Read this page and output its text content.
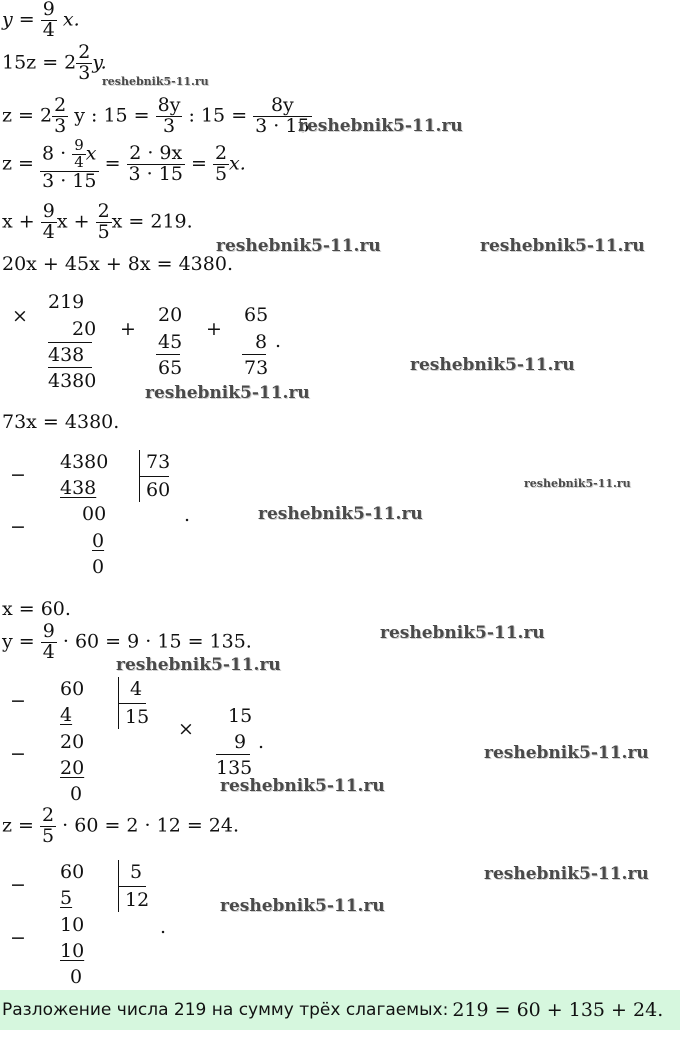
$y = \frac{9}{4} x$.
$15z = 2 \frac{2}{3} y$.
reshebnik5-11.ru
$z = 2 \frac{2}{3}$ y : $15 = \frac{8y}{3}$ : $15 = \frac{8y}{3 \cdot 15}$
reshebnik5-11.ru
$z = \frac{8 \cdot \frac{9}{4} x}{3 \cdot 15} = \frac{2 \cdot 9x}{3 \cdot 15} = \frac{2}{5} x$.
$x + \frac{9}{4}$ $x + \frac{2}{5}$ x = 219.
reshebnik5-11.ru	reshebnik5-11.ru
20x + 45x + 8x = 4380.
×
219
20
438
4380
+
20
45
65
+
65
8
73
.
reshebnik5-11.ru
reshebnik5-11.ru
73x = 4380.
−
4380 73
60
438
−
00
0
0
.
reshebnik5-11.ru
reshebnik5-11.ru
x = 60.
$y = \frac{9}{4} \cdot 60 = 9 \cdot 15 = 135$.	reshebnik5-11.ru
reshebnik5-11.ru
−
60 4
15
4
−
20
20
0
×
15
9
135
.	reshebnik5-11.ru
reshebnik5-11.ru
$z = \frac{2}{5} \cdot 60 = 2 \cdot 12 = 24$.
−
60 5
12
5
−
10
10
0
.
reshebnik5-11.ru
reshebnik5-11.ru
Разложение числа 219 на сумму трёх слагаемых: 219 = 60 + 135 + 24.
